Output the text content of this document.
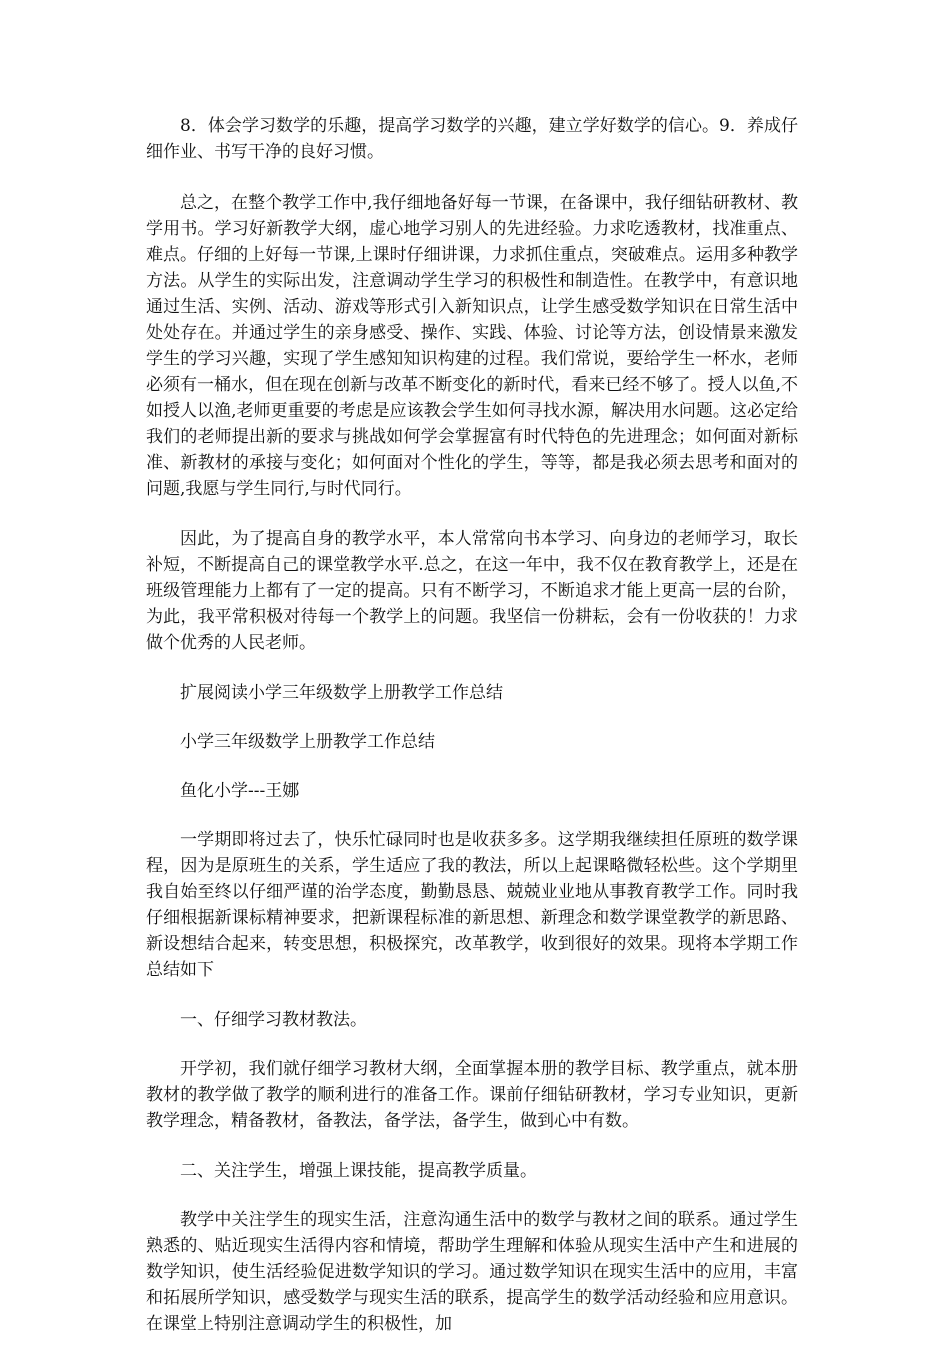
8．体会学习数学的乐趣，提高学习数学的兴趣，建立学好数学的信心。9．养成仔细作业、书写干净的良好习惯。

总之，在整个教学工作中,我仔细地备好每一节课，在备课中，我仔细钻研教材、教学用书。学习好新教学大纲，虚心地学习别人的先进经验。力求吃透教材，找准重点、难点。仔细的上好每一节课,上课时仔细讲课，力求抓住重点，突破难点。运用多种教学方法。从学生的实际出发，注意调动学生学习的积极性和制造性。在教学中，有意识地通过生活、实例、活动、游戏等形式引入新知识点，让学生感受数学知识在日常生活中处处存在。并通过学生的亲身感受、操作、实践、体验、讨论等方法，创设情景来激发学生的学习兴趣，实现了学生感知知识构建的过程。我们常说，要给学生一杯水，老师必须有一桶水，但在现在创新与改革不断变化的新时代，看来已经不够了。授人以鱼,不如授人以渔,老师更重要的考虑是应该教会学生如何寻找水源，解决用水问题。这必定给我们的老师提出新的要求与挑战如何学会掌握富有时代特色的先进理念；如何面对新标准、新教材的承接与变化；如何面对个性化的学生，等等，都是我必须去思考和面对的问题,我愿与学生同行,与时代同行。

因此，为了提高自身的教学水平，本人常常向书本学习、向身边的老师学习，取长补短，不断提高自己的课堂教学水平.总之，在这一年中，我不仅在教育教学上，还是在班级管理能力上都有了一定的提高。只有不断学习，不断追求才能上更高一层的台阶，为此，我平常积极对待每一个教学上的问题。我坚信一份耕耘，会有一份收获的！力求做个优秀的人民老师。

扩展阅读小学三年级数学上册教学工作总结

小学三年级数学上册教学工作总结

鱼化小学---王娜

一学期即将过去了，快乐忙碌同时也是收获多多。这学期我继续担任原班的数学课程，因为是原班生的关系，学生适应了我的教法，所以上起课略微轻松些。这个学期里我自始至终以仔细严谨的治学态度，勤勤恳恳、兢兢业业地从事教育教学工作。同时我仔细根据新课标精神要求，把新课程标准的新思想、新理念和数学课堂教学的新思路、新设想结合起来，转变思想，积极探究，改革教学，收到很好的效果。现将本学期工作总结如下

一、仔细学习教材教法。

开学初，我们就仔细学习教材大纲，全面掌握本册的教学目标、教学重点，就本册教材的教学做了教学的顺利进行的准备工作。课前仔细钻研教材，学习专业知识，更新教学理念，精备教材，备教法，备学法，备学生，做到心中有数。

二、关注学生，增强上课技能，提高教学质量。

教学中关注学生的现实生活，注意沟通生活中的数学与教材之间的联系。通过学生熟悉的、贴近现实生活得内容和情境，帮助学生理解和体验从现实生活中产生和进展的数学知识，使生活经验促进数学知识的学习。通过数学知识在现实生活中的应用，丰富和拓展所学知识，感受数学与现实生活的联系，提高学生的数学活动经验和应用意识。在课堂上特别注意调动学生的积极性，加
